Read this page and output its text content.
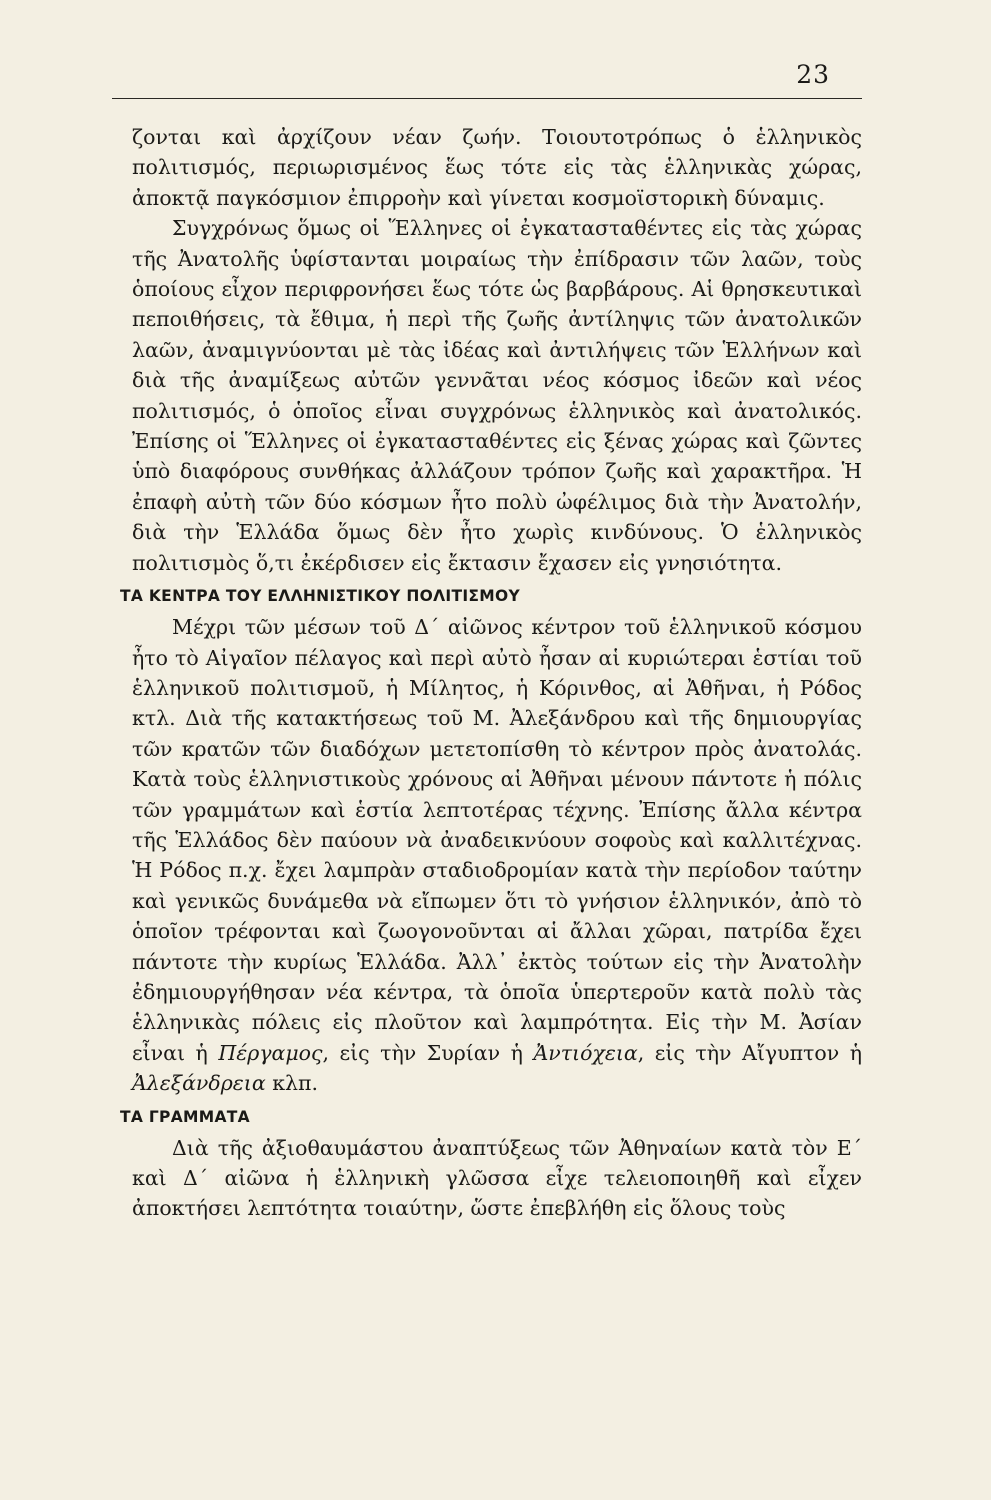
23

ζονται καὶ ἀρχίζουν νέαν ζωήν. Τοιουτοτρόπως ὁ ἑλληνικὸς πολιτισμός, περιωρισμένος ἕως τότε εἰς τὰς ἑλληνικὰς χώρας, ἀποκτᾷ παγκόσμιον ἐπιρροὴν καὶ γίνεται κοσμοϊστορικὴ δύναμις.

Συγχρόνως ὅμως οἱ Ἕλληνες οἱ ἐγκατασταθέντες εἰς τὰς χώρας τῆς Ἀνατολῆς ὑφίστανται μοιραίως τὴν ἐπίδρασιν τῶν λαῶν, τοὺς ὁποίους εἶχον περιφρονήσει ἕως τότε ὡς βαρβάρους. Αἱ θρησκευτικαὶ πεποιθήσεις, τὰ ἔθιμα, ἡ περὶ τῆς ζωῆς ἀντίληψις τῶν ἀνατολικῶν λαῶν, ἀναμιγνύονται μὲ τὰς ἰδέας καὶ ἀντιλήψεις τῶν Ἑλλήνων καὶ διὰ τῆς ἀναμίξεως αὐτῶν γεννᾶται νέος κόσμος ἰδεῶν καὶ νέος πολιτισμός, ὁ ὁποῖος εἶναι συγχρόνως ἑλληνικὸς καὶ ἀνατολικός. Ἐπίσης οἱ Ἕλληνες οἱ ἐγκατασταθέντες εἰς ξένας χώρας καὶ ζῶντες ὑπὸ διαφόρους συνθήκας ἀλλάζουν τρόπον ζωῆς καὶ χαρακτῆρα. Ἡ ἐπαφὴ αὐτὴ τῶν δύο κόσμων ἦτο πολὺ ὠφέλιμος διὰ τὴν Ἀνατολήν, διὰ τὴν Ἑλλάδα ὅμως δὲν ἦτο χωρὶς κινδύνους. Ὁ ἑλληνικὸς πολιτισμὸς ὅ,τι ἐκέρδισεν εἰς ἔκτασιν ἔχασεν εἰς γνησιότητα.

ΤΑ ΚΕΝΤΡΑ ΤΟΥ ΕΛΛΗΝΙΣΤΙΚΟΥ ΠΟΛΙΤΙΣΜΟΥ

Μέχρι τῶν μέσων τοῦ Δ΄ αἰῶνος κέντρον τοῦ ἑλληνικοῦ κόσμου ἦτο τὸ Αἰγαῖον πέλαγος καὶ περὶ αὐτὸ ἦσαν αἱ κυριώτεραι ἑστίαι τοῦ ἑλληνικοῦ πολιτισμοῦ, ἡ Μίλητος, ἡ Κόρινθος, αἱ Ἀθῆναι, ἡ Ρόδος κτλ. Διὰ τῆς κατακτήσεως τοῦ Μ. Ἀλεξάνδρου καὶ τῆς δημιουργίας τῶν κρατῶν τῶν διαδόχων μετετοπίσθη τὸ κέντρον πρὸς ἀνατολάς. Κατὰ τοὺς ἑλληνιστικοὺς χρόνους αἱ Ἀθῆναι μένουν πάντοτε ἡ πόλις τῶν γραμμάτων καὶ ἑστία λεπτοτέρας τέχνης. Ἐπίσης ἄλλα κέντρα τῆς Ἑλλάδος δὲν παύουν νὰ ἀναδεικνύουν σοφοὺς καὶ καλλιτέχνας. Ἡ Ρόδος π.χ. ἔχει λαμπρὰν σταδιοδρομίαν κατὰ τὴν περίοδον ταύτην καὶ γενικῶς δυνάμεθα νὰ εἴπωμεν ὅτι τὸ γνήσιον ἑλληνικόν, ἀπὸ τὸ ὁποῖον τρέφονται καὶ ζωογονοῦνται αἱ ἄλλαι χῶραι, πατρίδα ἔχει πάντοτε τὴν κυρίως Ἑλλάδα. Ἀλλ᾽ ἐκτὸς τούτων εἰς τὴν Ἀνατολὴν ἐδημιουργήθησαν νέα κέντρα, τὰ ὁποῖα ὑπερτεροῦν κατὰ πολὺ τὰς ἑλληνικὰς πόλεις εἰς πλοῦτον καὶ λαμπρότητα. Εἰς τὴν Μ. Ἀσίαν εἶναι ἡ Πέργαμος, εἰς τὴν Συρίαν ἡ Ἀντιόχεια, εἰς τὴν Αἴγυπτον ἡ Ἀλεξάνδρεια κλπ.

ΤΑ ΓΡΑΜΜΑΤΑ

Διὰ τῆς ἀξιοθαυμάστου ἀναπτύξεως τῶν Ἀθηναίων κατὰ τὸν Ε΄ καὶ Δ΄ αἰῶνα ἡ ἑλληνικὴ γλῶσσα εἶχε τελειοποιηθῆ καὶ εἶχεν ἀποκτήσει λεπτότητα τοιαύτην, ὥστε ἐπεβλήθη εἰς ὅλους τοὺς
